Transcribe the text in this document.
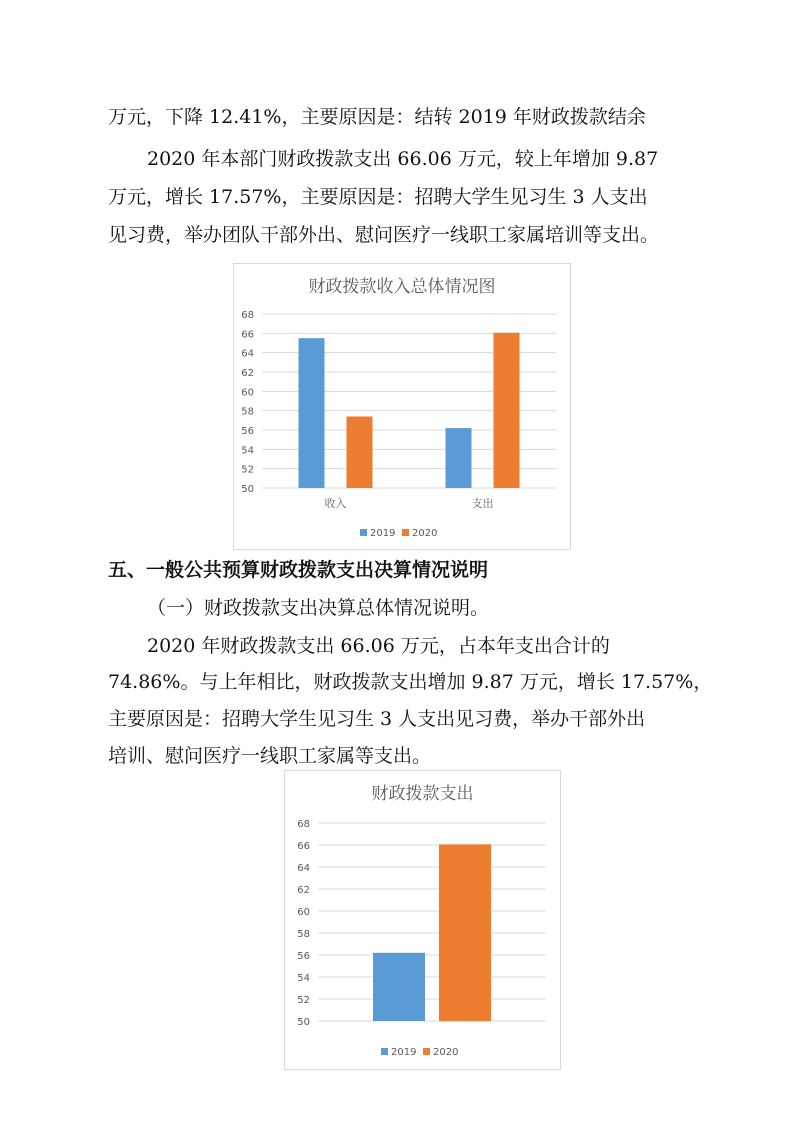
万元，下降 12.41%，主要原因是：结转 2019 年财政拨款结余
2020 年本部门财政拨款支出 66.06 万元，较上年增加 9.87
万元，增长 17.57%，主要原因是：招聘大学生见习生 3 人支出
见习费，举办团队干部外出、慰问医疗一线职工家属培训等支出。
财政拨款收入总体情况图
50
52
54
56
58
60
62
64
66
68
收入	支出
2019 2020
五、一般公共预算财政拨款支出决算情况说明
（一）财政拨款支出决算总体情况说明。
2020 年财政拨款支出 66.06 万元，占本年支出合计的
74.86%。与上年相比，财政拨款支出增加 9.87 万元，增长 17.57%，
主要原因是：招聘大学生见习生 3 人支出见习费，举办干部外出
培训、慰问医疗一线职工家属等支出。
财政拨款支出
50
52
54
56
58
60
62
64
66
68
2019 2020
